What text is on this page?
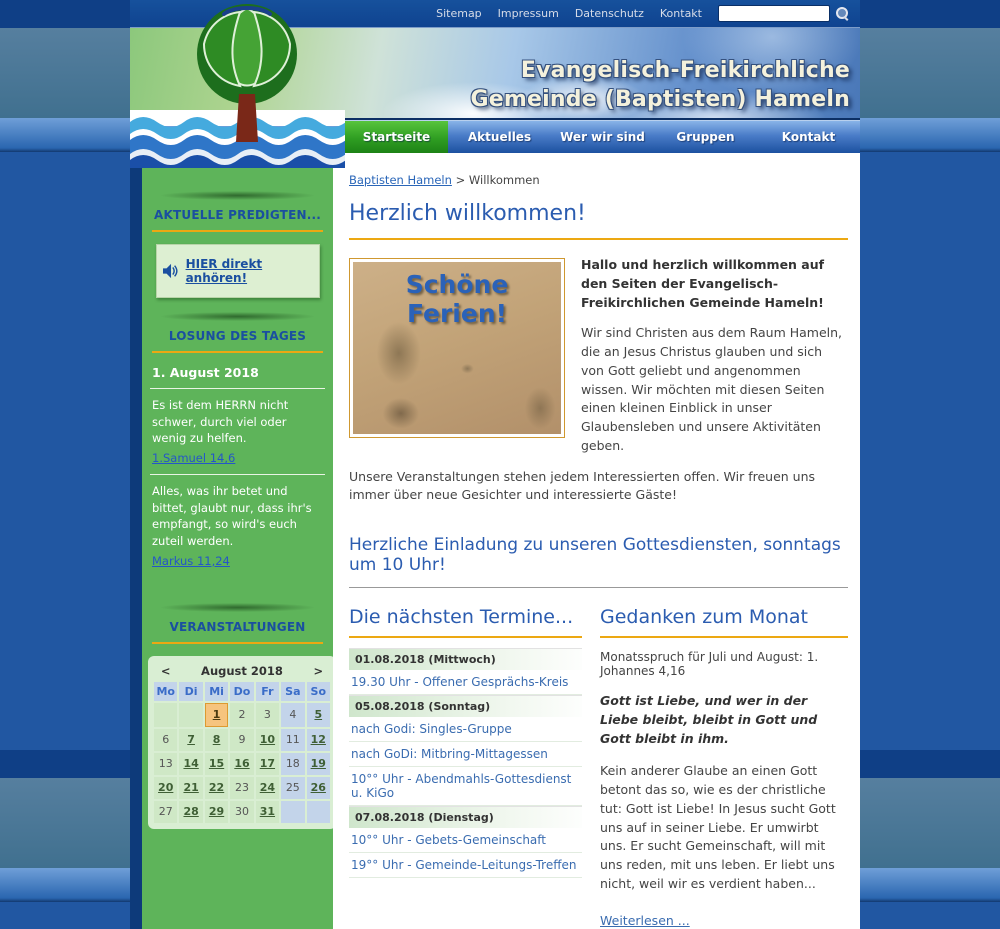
Sitemap Impressum Datenschutz Kontakt
Evangelisch-Freikirchliche
Gemeinde (Baptisten) Hameln
Startseite	Aktuelles	Wer wir sind	Gruppen	Kontakt
AKTUELLE PREDIGTEN...
HIER direkt anhören!
LOSUNG DES TAGES
1. August 2018

Es ist dem HERRN nicht schwer, durch viel oder wenig zu helfen.

1.Samuel 14,6

Alles, was ihr betet und bittet, glaubt nur, dass ihr's empfangt, so wird's euch zuteil werden.

Markus 11,24
VERANSTALTUNGEN
<	August 2018					>
Mo	Di	Mi	Do	Fr	Sa	So
		1	2	3	4	5
6	7	8	9	10	11	12
13	14	15	16	17	18	19
20	21	22	23	24	25	26
27	28	29	30	31		
Baptisten Hameln > Willkommen
Herzlich willkommen!
Schöne Ferien!

Hallo und herzlich willkommen auf den Seiten der Evangelisch-Freikirchlichen Gemeinde Hameln!

Wir sind Christen aus dem Raum Hameln, die an Jesus Christus glauben und sich von Gott geliebt und angenommen wissen. Wir möchten mit diesen Seiten einen kleinen Einblick in unser Glaubensleben und unsere Aktivitäten geben.

Unsere Veranstaltungen stehen jedem Interessierten offen. Wir freuen uns immer über neue Gesichter und interessierte Gäste!

Herzliche Einladung zu unseren Gottesdiensten, sonntags um 10 Uhr!
Die nächsten Termine...
01.08.2018 (Mittwoch)
19.30 Uhr - Offener Gesprächs-Kreis
05.08.2018 (Sonntag)
nach Godi: Singles-Gruppe
nach GoDi: Mitbring-Mittagessen
10°° Uhr - Abendmahls-Gottesdienst u. KiGo
07.08.2018 (Dienstag)
10°° Uhr - Gebets-Gemeinschaft
19°° Uhr - Gemeinde-Leitungs-Treffen
Gedanken zum Monat

Monatsspruch für Juli und August: 1. Johannes 4,16

Gott ist Liebe, und wer in der Liebe bleibt, bleibt in Gott und Gott bleibt in ihm.

Kein anderer Glaube an einen Gott betont das so, wie es der christliche tut: Gott ist Liebe! In Jesus sucht Gott uns auf in seiner Liebe. Er umwirbt uns. Er sucht Gemeinschaft, will mit uns reden, mit uns leben. Er liebt uns nicht, weil wir es verdient haben...

Weiterlesen ...
